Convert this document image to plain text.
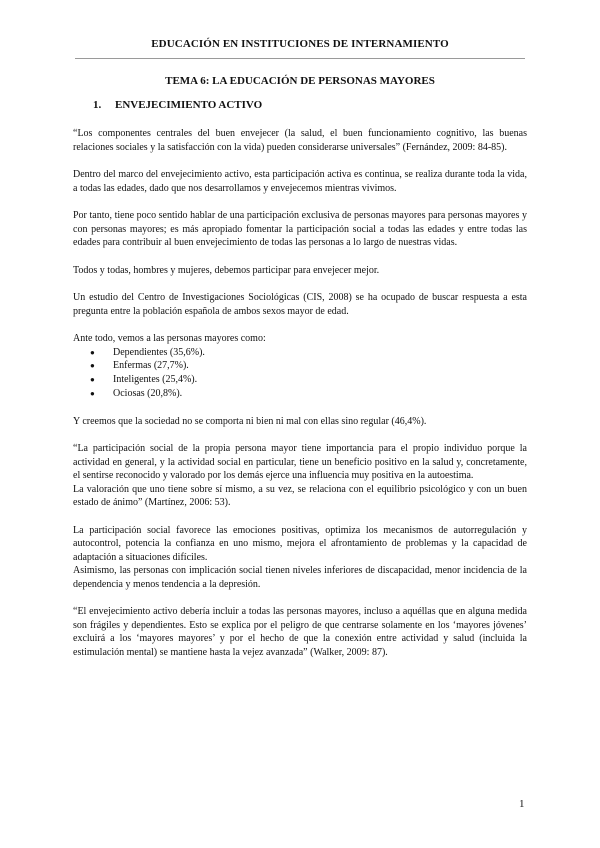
EDUCACIÓN EN INSTITUCIONES DE INTERNAMIENTO
TEMA 6: LA EDUCACIÓN DE PERSONAS MAYORES
1. ENVEJECIMIENTO ACTIVO

“Los componentes centrales del buen envejecer (la salud, el buen funcionamiento cognitivo, las buenas relaciones sociales y la satisfacción con la vida) pueden considerarse universales” (Fernández, 2009: 84-85).

Dentro del marco del envejecimiento activo, esta participación activa es continua, se realiza durante toda la vida, a todas las edades, dado que nos desarrollamos y envejecemos mientras vivimos.

Por tanto, tiene poco sentido hablar de una participación exclusiva de personas mayores para personas mayores y con personas mayores; es más apropiado fomentar la participación social a todas las edades y entre todas las edades para contribuir al buen envejecimiento de todas las personas a lo largo de nuestras vidas.

Todos y todas, hombres y mujeres, debemos participar para envejecer mejor.

Un estudio del Centro de Investigaciones Sociológicas (CIS, 2008) se ha ocupado de buscar respuesta a esta pregunta entre la población española de ambos sexos mayor de edad.

Ante todo, vemos a las personas mayores como:

● Dependientes (35,6%).
● Enfermas (27,7%).
● Inteligentes (25,4%).
● Ociosas (20,8%).

Y creemos que la sociedad no se comporta ni bien ni mal con ellas sino regular (46,4%).

“La participación social de la propia persona mayor tiene importancia para el propio individuo porque la actividad en general, y la actividad social en particular, tiene un beneficio positivo en la salud y, concretamente, el sentirse reconocido y valorado por los demás ejerce una influencia muy positiva en la autoestima.

La valoración que uno tiene sobre sí mismo, a su vez, se relaciona con el equilibrio psicológico y con un buen estado de ánimo” (Martínez, 2006: 53).

La participación social favorece las emociones positivas, optimiza los mecanismos de autorregulación y autocontrol, potencia la confianza en uno mismo, mejora el afrontamiento de problemas y la capacidad de adaptación a situaciones difíciles.

Asimismo, las personas con implicación social tienen niveles inferiores de discapacidad, menor incidencia de la dependencia y menos tendencia a la depresión.

“El envejecimiento activo debería incluir a todas las personas mayores, incluso a aquéllas que en alguna medida son frágiles y dependientes. Esto se explica por el peligro de que centrarse solamente en los ‘mayores jóvenes’ excluirá a los ‘mayores mayores’ y por el hecho de que la conexión entre actividad y salud (incluida la estimulación mental) se mantiene hasta la vejez avanzada” (Walker, 2009: 87).

1
